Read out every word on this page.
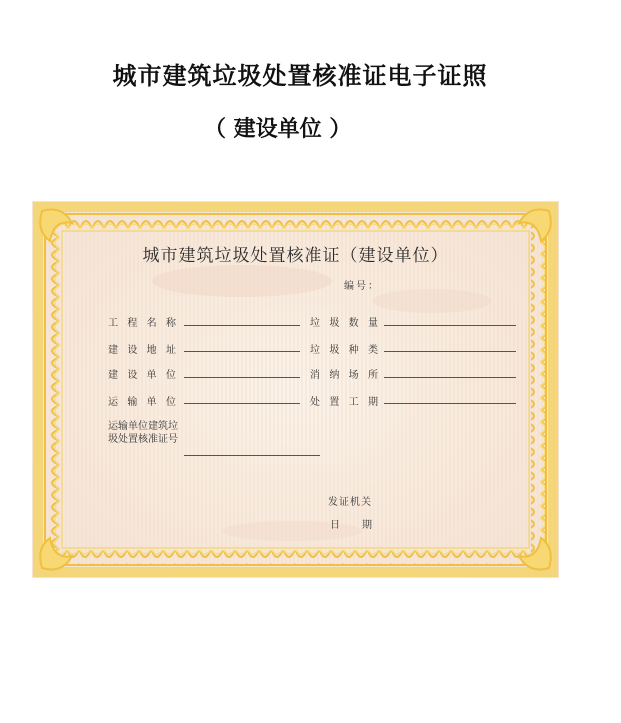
城市建筑垃圾处置核准证电子证照
（ 建设单位 ）
城市建筑垃圾处置核准证（建设单位）
编号：
工程名称
建设地址
建设单位
运输单位
垃圾数量
垃圾种类
消纳场所
处置工期
运输单位建筑垃圾处置核准证号
发证机关
日期
